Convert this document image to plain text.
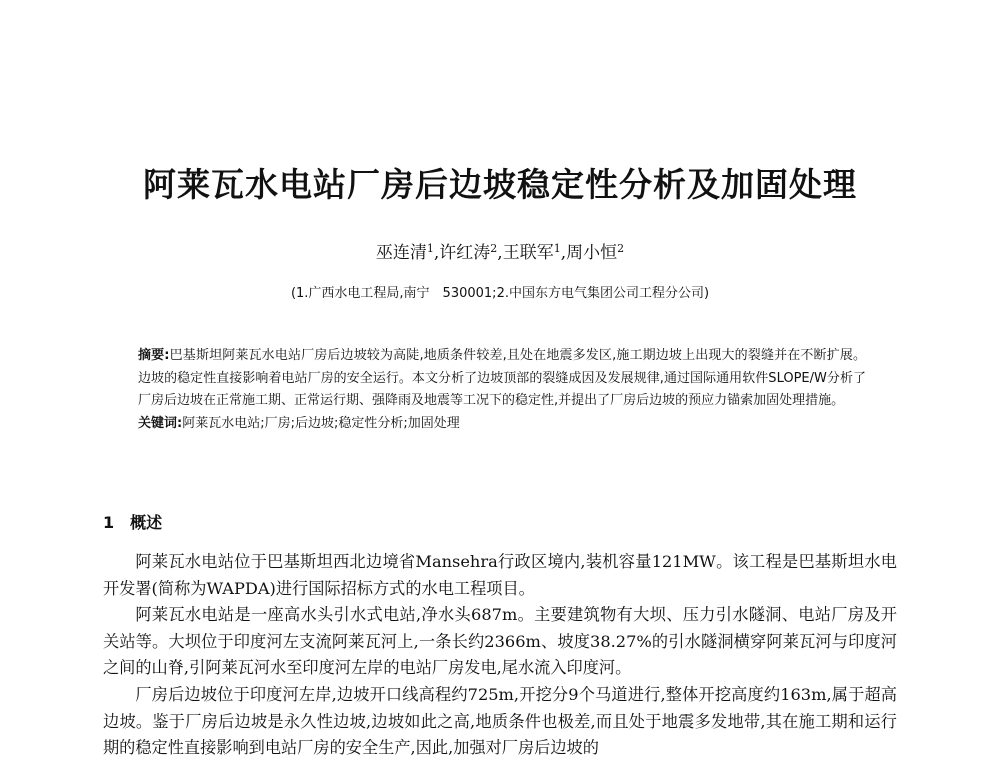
阿莱瓦水电站厂房后边坡稳定性分析及加固处理

巫连清$^1$,许红涛$^2$,王联军$^1$,周小恒$^2$

(1.广西水电工程局,南宁　530001;2.中国东方电气集团公司工程分公司)

摘要:巴基斯坦阿莱瓦水电站厂房后边坡较为高陡,地质条件较差,且处在地震多发区,施工期边坡上出现大的裂缝并在不断扩展。边坡的稳定性直接影响着电站厂房的安全运行。本文分析了边坡顶部的裂缝成因及发展规律,通过国际通用软件SLOPE/W分析了厂房后边坡在正常施工期、正常运行期、强降雨及地震等工况下的稳定性,并提出了厂房后边坡的预应力锚索加固处理措施。

关键词:阿莱瓦水电站;厂房;后边坡;稳定性分析;加固处理

1 概述

阿莱瓦水电站位于巴基斯坦西北边境省Mansehra行政区境内,装机容量121MW。该工程是巴基斯坦水电开发署(简称为WAPDA)进行国际招标方式的水电工程项目。

阿莱瓦水电站是一座高水头引水式电站,净水头687m。主要建筑物有大坝、压力引水隧洞、电站厂房及开关站等。大坝位于印度河左支流阿莱瓦河上,一条长约2366m、坡度38.27%的引水隧洞横穿阿莱瓦河与印度河之间的山脊,引阿莱瓦河水至印度河左岸的电站厂房发电,尾水流入印度河。

厂房后边坡位于印度河左岸,边坡开口线高程约725m,开挖分9个马道进行,整体开挖高度约163m,属于超高边坡。鉴于厂房后边坡是永久性边坡,边坡如此之高,地质条件也极差,而且处于地震多发地带,其在施工期和运行期的稳定性直接影响到电站厂房的安全生产,因此,加强对厂房后边坡的
